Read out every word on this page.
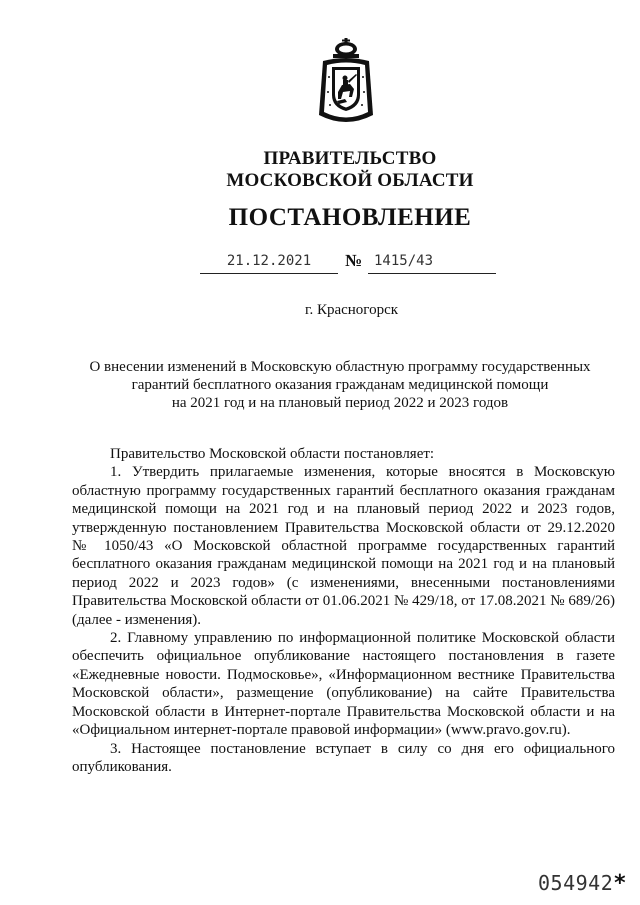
ПРАВИТЕЛЬСТВО
МОСКОВСКОЙ ОБЛАСТИ
ПОСТАНОВЛЕНИЕ
21.12.2021	№ 1415/43
г. Красногорск
О внесении изменений в Московскую областную программу государственных
гарантий бесплатного оказания гражданам медицинской помощи
на 2021 год и на плановый период 2022 и 2023 годов

Правительство Московской области постановляет:

1. Утвердить прилагаемые изменения, которые вносятся в Московскую областную программу государственных гарантий бесплатного оказания гражданам медицинской помощи на 2021 год и на плановый период 2022 и 2023 годов, утвержденную постановлением Правительства Московской области от 29.12.2020 № 1050/43 «О Московской областной программе государственных гарантий бесплатного оказания гражданам медицинской помощи на 2021 год и на плановый период 2022 и 2023 годов» (с изменениями, внесенными постановлениями Правительства Московской области от 01.06.2021 № 429/18, от 17.08.2021 № 689/26) (далее - изменения).

2. Главному управлению по информационной политике Московской области обеспечить официальное опубликование настоящего постановления в газете «Ежедневные новости. Подмосковье», «Информационном вестнике Правительства Московской области», размещение (опубликование) на сайте Правительства Московской области в Интернет-портале Правительства Московской области и на «Официальном интернет-портале правовой информации» (www.pravo.gov.ru).

3. Настоящее постановление вступает в силу со дня его официального опубликования.

054942*
